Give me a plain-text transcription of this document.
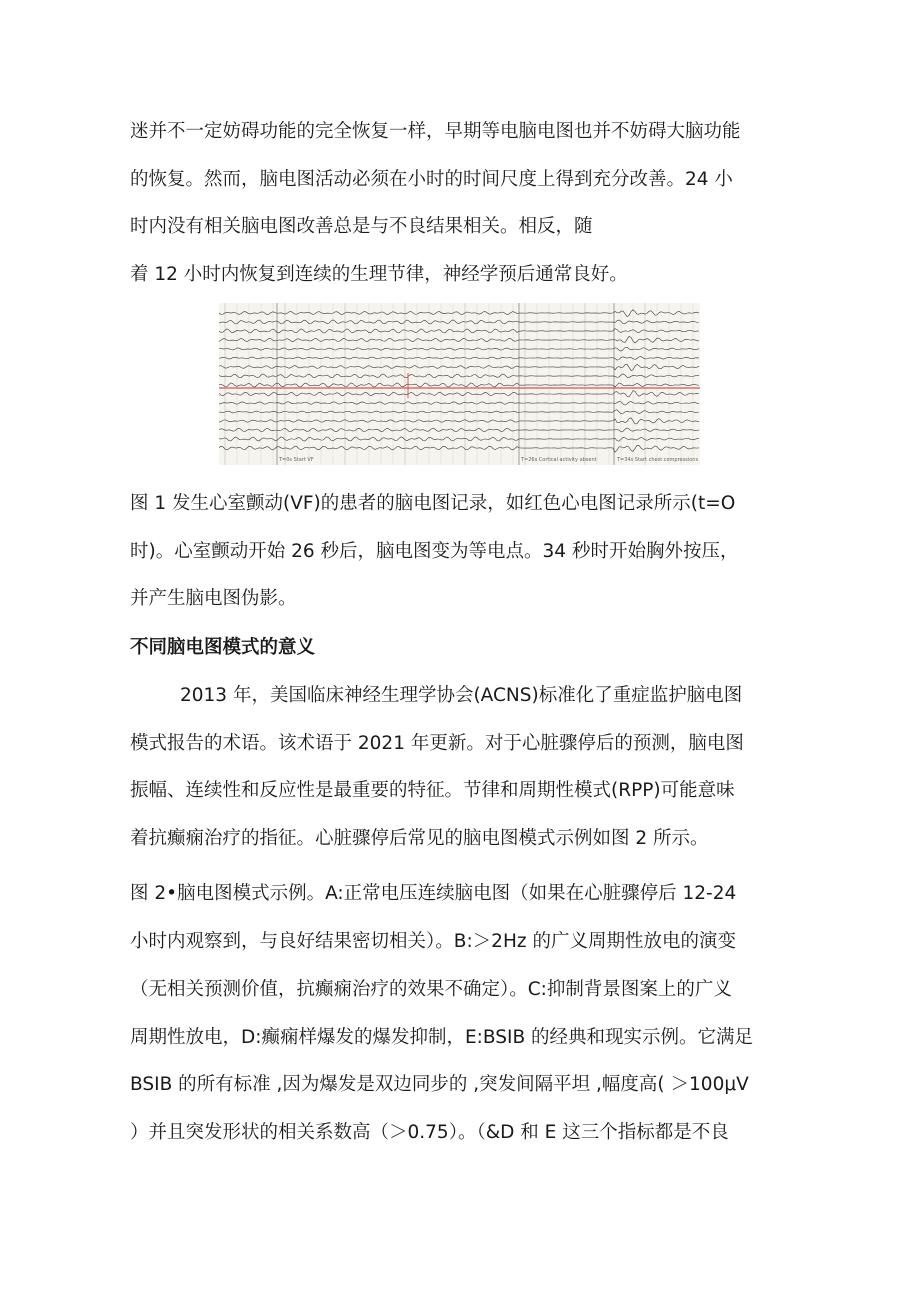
迷并不一定妨碍功能的完全恢复一样，早期等电脑电图也并不妨碍大脑功能
的恢复。然而，脑电图活动必须在小时的时间尺度上得到充分改善。24 小
时内没有相关脑电图改善总是与不良结果相关。相反，随
着 12 小时内恢复到连续的生理节律，神经学预后通常良好。
T=0s Start VF	T=26s Cortical activity absent	T=34s Start chest compressions
图 1 发生心室颤动(VF)的患者的脑电图记录，如红色心电图记录所示(t=O
时)。心室颤动开始 26 秒后，脑电图变为等电点。34 秒时开始胸外按压，
并产生脑电图伪影。
不同脑电图模式的意义
2013 年，美国临床神经生理学协会(ACNS)标准化了重症监护脑电图
模式报告的术语。该术语于 2021 年更新。对于心脏骤停后的预测，脑电图
振幅、连续性和反应性是最重要的特征。节律和周期性模式(RPP)可能意味
着抗癫痫治疗的指征。心脏骤停后常见的脑电图模式示例如图 2 所示。
图 2•脑电图模式示例。A:正常电压连续脑电图（如果在心脏骤停后 12-24
小时内观察到，与良好结果密切相关）。B:＞2Hz 的广义周期性放电的演变
（无相关预测价值，抗癫痫治疗的效果不确定）。C:抑制背景图案上的广义
周期性放电，D:癫痫样爆发的爆发抑制，E:BSIB 的经典和现实示例。它满足
BSIB 的所有标准 ,因为爆发是双边同步的 ,突发间隔平坦 ,幅度高( ＞100μV
）并且突发形状的相关系数高（＞0.75）。（&D 和 E 这三个指标都是不良
